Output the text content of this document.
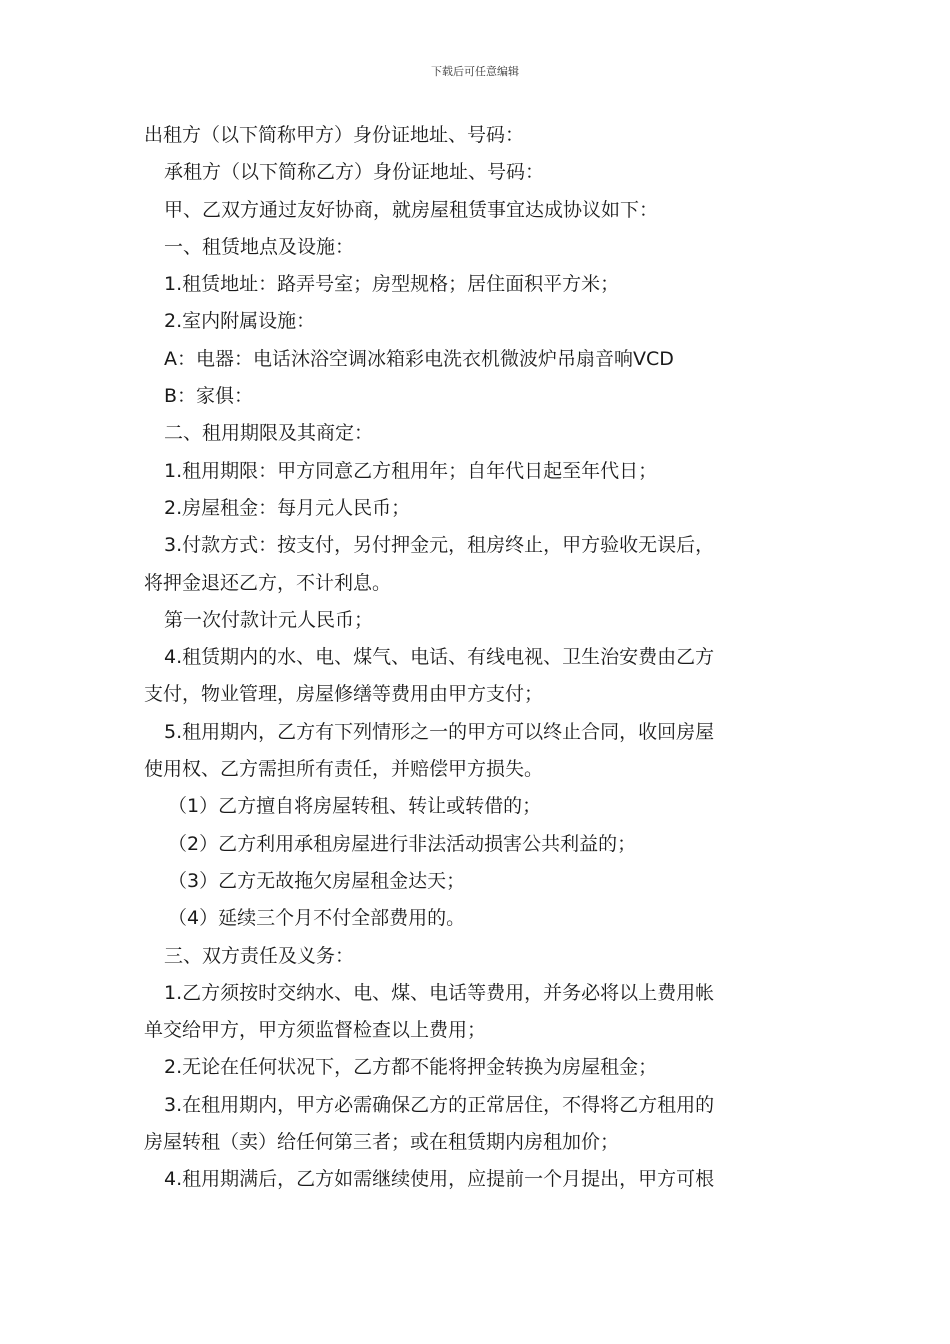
下载后可任意编辑
出租方（以下简称甲方）身份证地址、号码：
承租方（以下简称乙方）身份证地址、号码：
甲、乙双方通过友好协商，就房屋租赁事宜达成协议如下：
一、租赁地点及设施：
1.租赁地址：路弄号室；房型规格；居住面积平方米；
2.室内附属设施：
A：电器：电话沐浴空调冰箱彩电洗衣机微波炉吊扇音响VCD
B：家俱：
二、租用期限及其商定：
1.租用期限：甲方同意乙方租用年；自年代日起至年代日；
2.房屋租金：每月元人民币；
3.付款方式：按支付，另付押金元，租房终止，甲方验收无误后，
将押金退还乙方，不计利息。
第一次付款计元人民币；
4.租赁期内的水、电、煤气、电话、有线电视、卫生治安费由乙方
支付，物业管理，房屋修缮等费用由甲方支付；
5.租用期内，乙方有下列情形之一的甲方可以终止合同，收回房屋
使用权、乙方需担所有责任，并赔偿甲方损失。
（1）乙方擅自将房屋转租、转让或转借的；
（2）乙方利用承租房屋进行非法活动损害公共利益的；
（3）乙方无故拖欠房屋租金达天；
（4）延续三个月不付全部费用的。
三、双方责任及义务：
1.乙方须按时交纳水、电、煤、电话等费用，并务必将以上费用帐
单交给甲方，甲方须监督检查以上费用；
2.无论在任何状况下，乙方都不能将押金转换为房屋租金；
3.在租用期内，甲方必需确保乙方的正常居住，不得将乙方租用的
房屋转租（卖）给任何第三者；或在租赁期内房租加价；
4.租用期满后，乙方如需继续使用，应提前一个月提出，甲方可根
